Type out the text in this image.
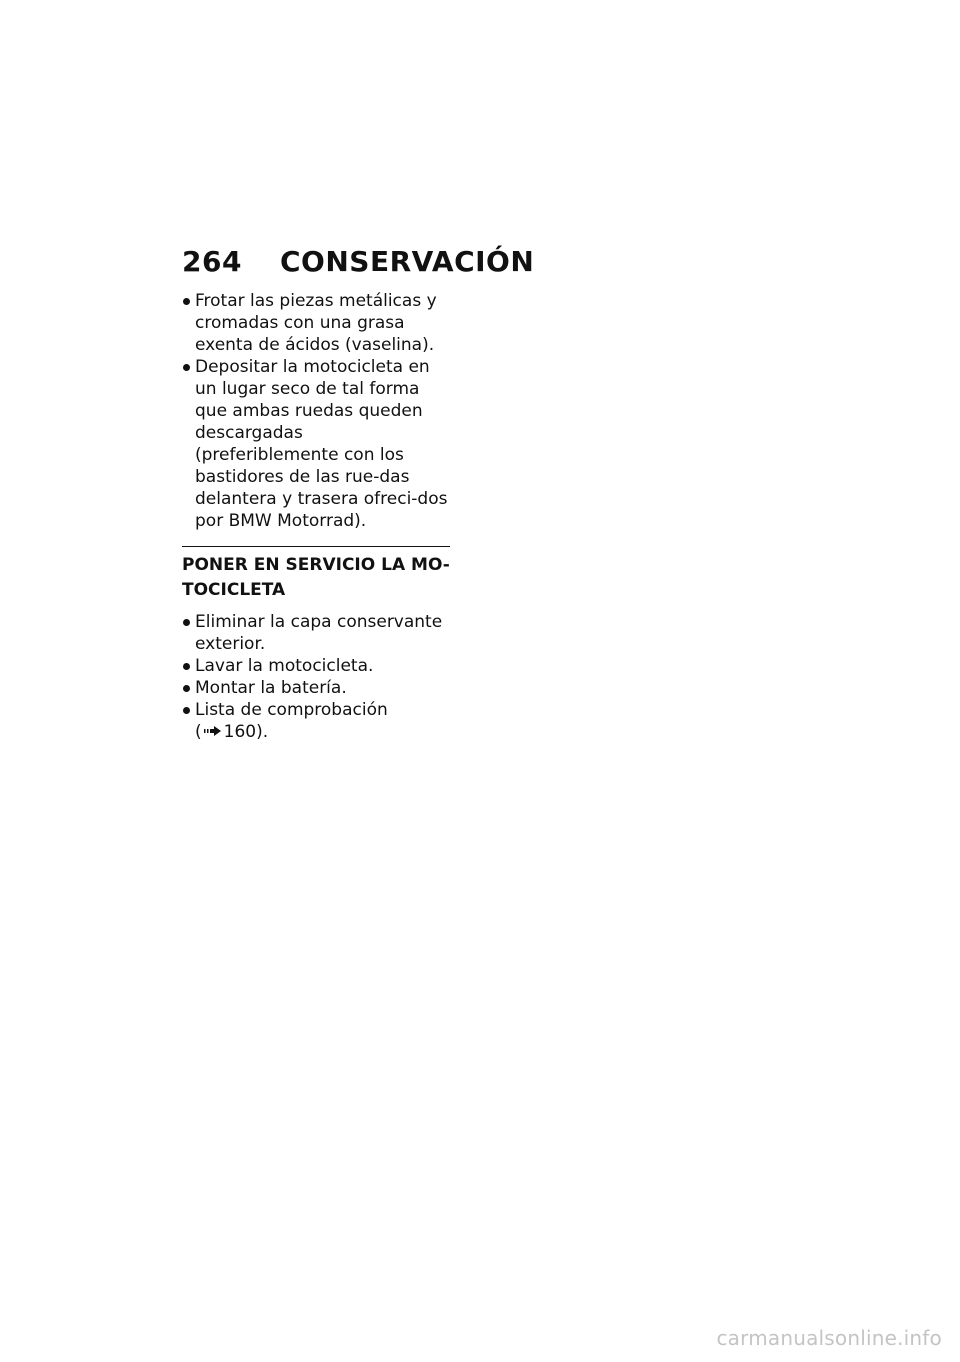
264 CONSERVACIÓN
Frotar las piezas metálicas y cromadas con una grasa exenta de ácidos (vaselina).
Depositar la motocicleta en un lugar seco de tal forma que ambas ruedas queden descargadas (preferiblemente con los bastidores de las rue-das delantera y trasera ofreci-dos por BMW Motorrad).
PONER EN SERVICIO LA MO-TOCICLETA
Eliminar la capa conservante exterior.
Lavar la motocicleta.
Montar la batería.
Lista de comprobación
( 160).
carmanualsonline.info
